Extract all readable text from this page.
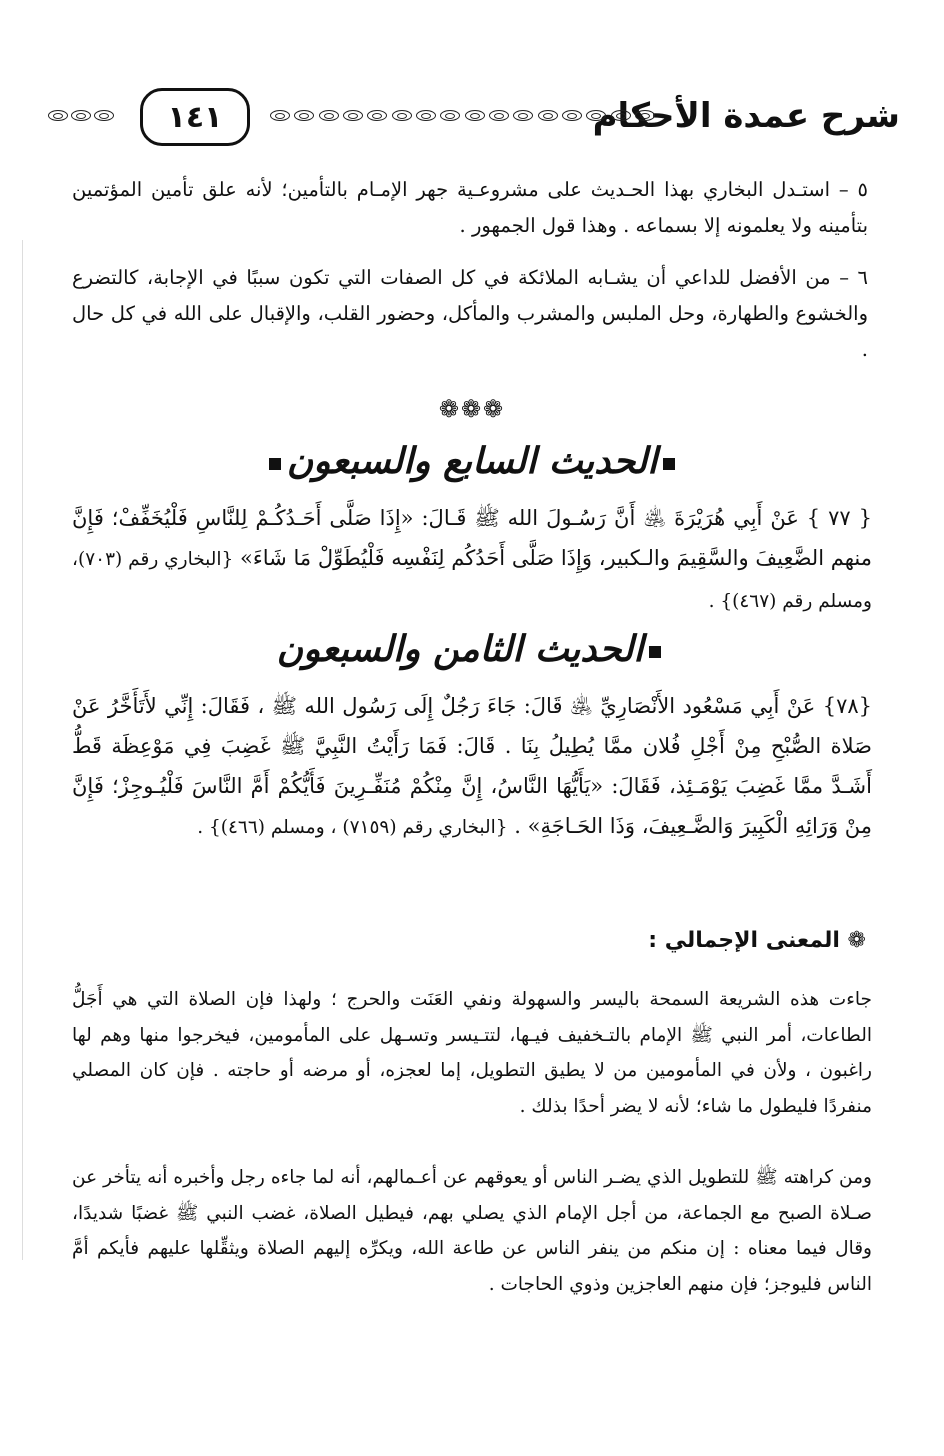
شرح عمدة الأحكام
١٤١
٥ – استـدل البخاري بهذا الحـديث على مشروعـية جهر الإمـام بالتأمين؛ لأنه علق تأمين المؤتمين بتأمينه ولا يعلمونه إلا بسماعه . وهذا قول الجمهور .
٦ – من الأفضل للداعي أن يشـابه الملائكة في كل الصفات التي تكون سببًا في الإجابة، كالتضرع والخشوع والطهارة، وحل الملبس والمشرب والمأكل، وحضور القلب، والإقبال على الله في كل حال .
❁❁❁
الحديث السابع والسبعون
{ ٧٧ } عَنْ أَبِي هُرَيْرَةَ ﵁ أَنَّ رَسُـولَ الله ﷺ قَـالَ: «إِذَا صَلَّى أَحَـدُكُـمْ لِلنَّاسِ فَلْيُخَفِّفْ؛ فَإِنَّ منهم الضَّعِيفَ والسَّقِيمَ والـكبير، وَإِذَا صَلَّى أَحَدُكُم لِنَفْسِه فَلْيُطَوِّلْ مَا شَاءَ» {البخاري رقم (٧٠٣)، ومسلم رقم (٤٦٧)} .
الحديث الثامن والسبعون
{٧٨} عَنْ أَبِي مَسْعُود الأَنْصَارِيِّ ﵁ قَالَ: جَاءَ رَجُلٌ إِلَى رَسُول الله ﷺ ، فَقَالَ: إِنِّي لأَتَأَخَّرُ عَنْ صَلاة الصُّبْحِ مِنْ أَجْلِ فُلان ممَّا يُطِيلُ بِنَا . قَالَ: فَمَا رَأَيْتُ النَّبِيَّ ﷺ غَضِبَ فِي مَوْعِظَة قَطُّ أَشَـدَّ ممَّا غَضِبَ يَوْمَـئِذ، فَقَالَ: «يَأَيُّهَا النَّاسُ، إِنَّ مِنْكُمْ مُنَفِّـرِينَ فَأَيُّكُمْ أَمَّ النَّاسَ فَلْيُـوجِزْ؛ فَإِنَّ مِنْ وَرَائِهِ الْكَبِيرَ وَالضَّـعِيفَ، وَذَا الحَـاجَةِ» . {البخاري رقم (٧١٥٩) ، ومسلم (٤٦٦)} .
❁ المعنى الإجمالي :
جاءت هذه الشريعة السمحة باليسر والسهولة ونفي العَنَت والحرج ؛ ولهذا فإن الصلاة التي هي أَجَلُّ الطاعات، أمر النبي ﷺ الإمام بالتـخفيف فيـها، لتتـيسر وتسـهل على المأمومين، فيخرجوا منها وهم لها راغبون ، ولأن في المأمومين من لا يطيق التطويل، إما لعجزه، أو مرضه أو حاجته . فإن كان المصلي منفردًا فليطول ما شاء؛ لأنه لا يضر أحدًا بذلك .
ومن كراهته ﷺ للتطويل الذي يضـر الناس أو يعوقهم عن أعـمالهم، أنه لما جاءه رجل وأخبره أنه يتأخر عن صـلاة الصبح مع الجماعة، من أجل الإمام الذي يصلي بهم، فيطيل الصلاة، غضب النبي ﷺ غضبًا شديدًا، وقال فيما معناه : إن منكم من ينفر الناس عن طاعة الله، ويكرِّه إليهم الصلاة ويثقِّلها عليهم فأيكم أمَّ الناس فليوجز؛ فإن منهم العاجزين وذوي الحاجات .
